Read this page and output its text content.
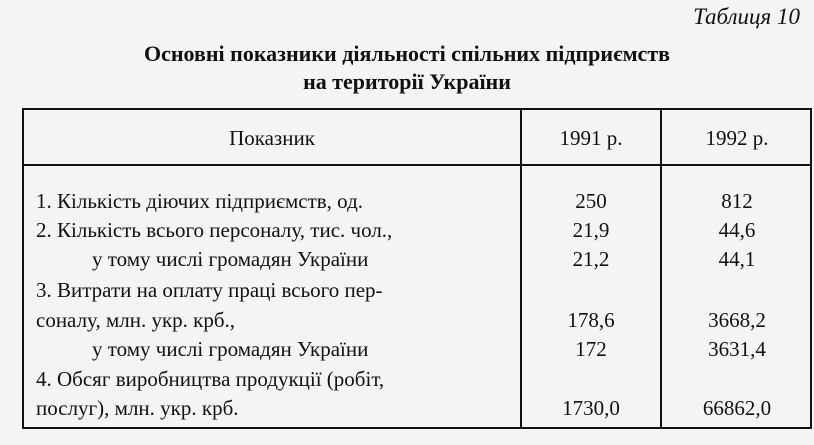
Таблиця 10
Основні показники діяльності спільних підприємств
на території України
Показник	1991 р.	1992 р.
1. Кількість діючих підприємств, од.	250	812
2. Кількість всього персоналу, тис. чол.,	21,9	44,6
у тому числі громадян України	21,2	44,1
3. Витрати на оплату праці всього пер-
соналу, млн. укр. крб.,	178,6	3668,2
у тому числі громадян України	172	3631,4
4. Обсяг виробництва продукції (робіт,
послуг), млн. укр. крб.	1730,0	66862,0
